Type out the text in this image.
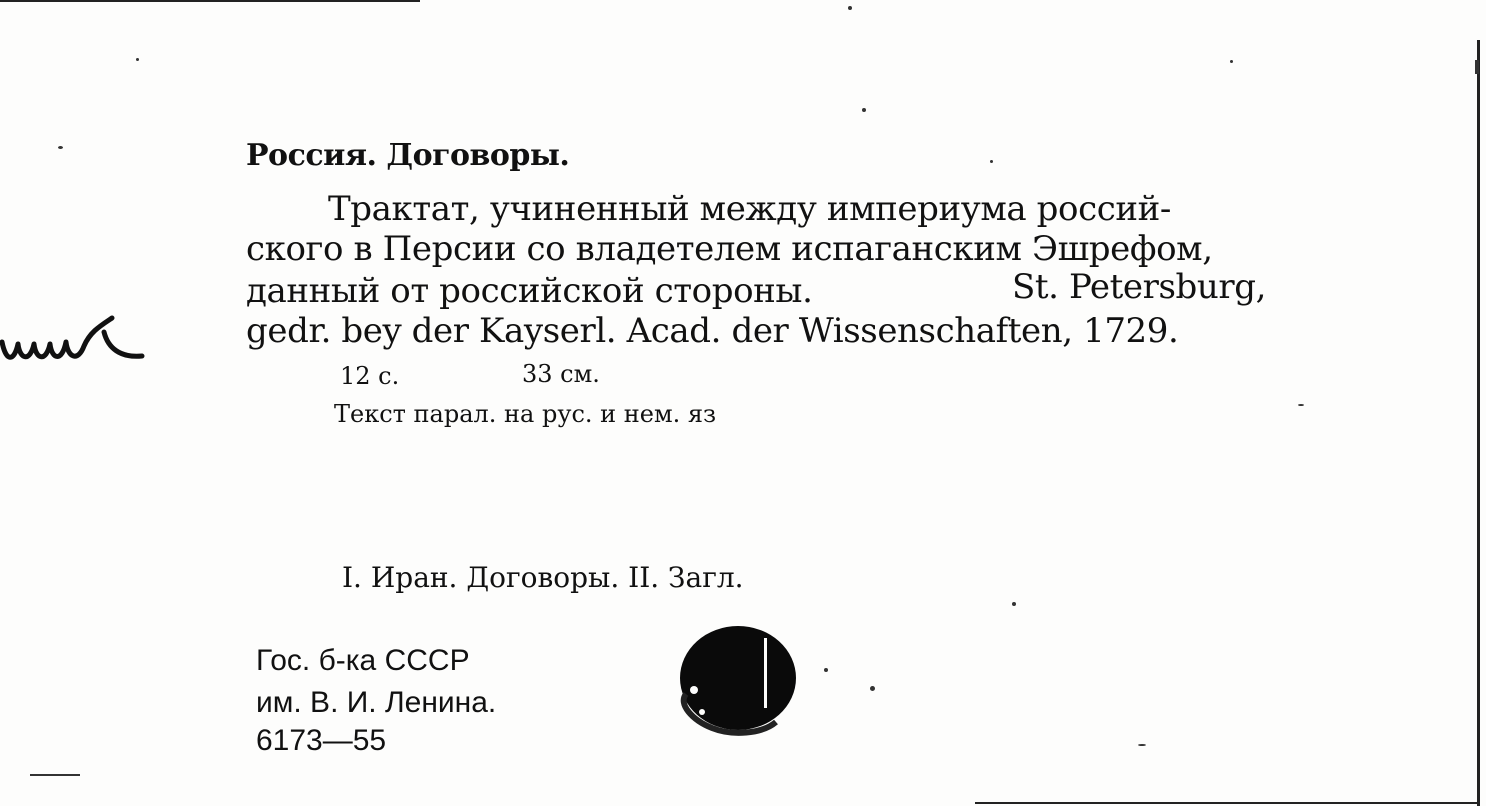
Россия. Договоры.
Трактат, учиненный между империума россий-
ского в Персии со владетелем испаганским Эшрефом,
данный от российской стороны.	St. Petersburg,
gedr. bey der Kayserl. Acad. der Wissenschaften, 1729.
12 с.	33 см.
Текст парал. на рус. и нем. яз
I. Иран. Договоры. II. Загл.
Гос. б-ка СССР
им. В. И. Ленина.
6173—55
